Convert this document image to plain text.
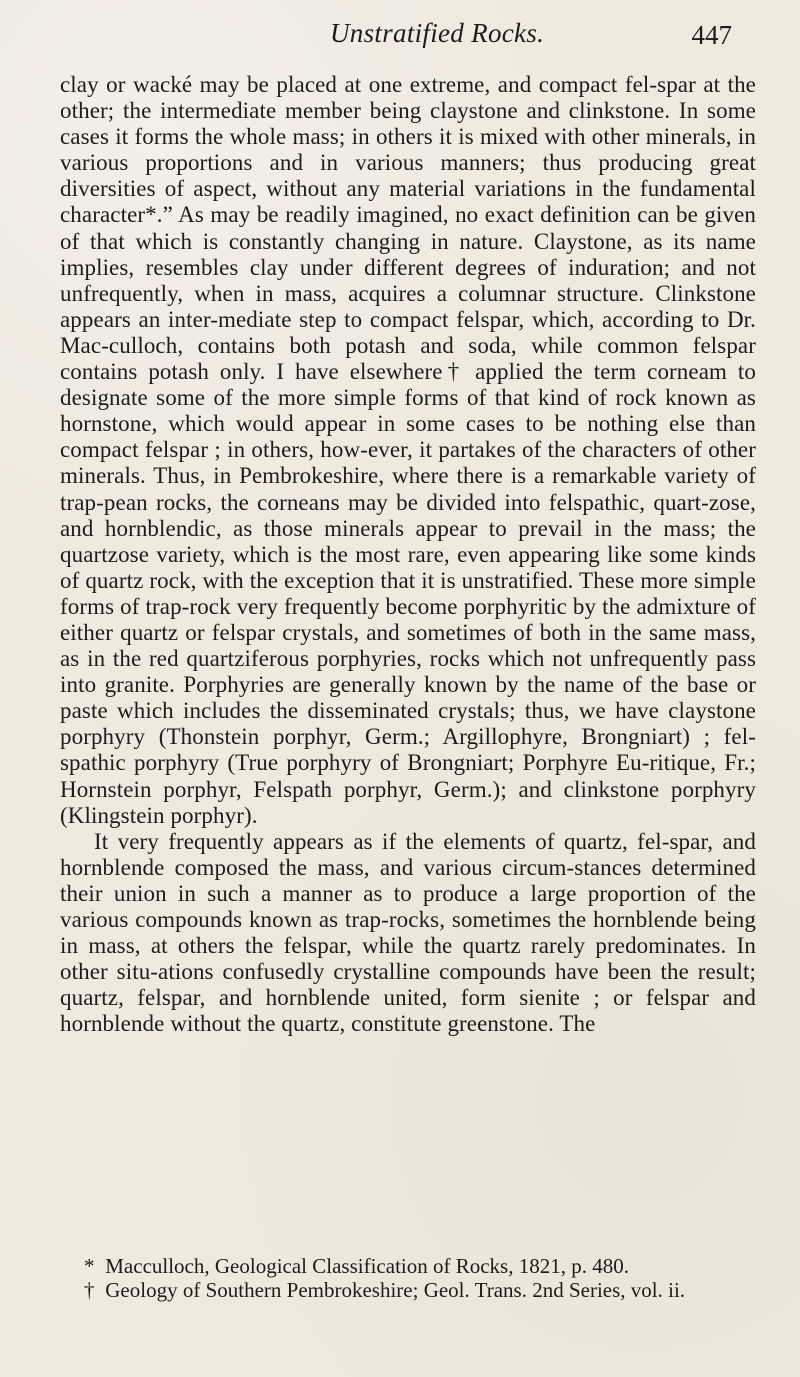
Unstratified Rocks.	447

clay or wacké may be placed at one extreme, and compact fel-spar at the other; the intermediate member being claystone and clinkstone. In some cases it forms the whole mass; in others it is mixed with other minerals, in various proportions and in various manners; thus producing great diversities of aspect, without any material variations in the fundamental character*.” As may be readily imagined, no exact definition can be given of that which is constantly changing in nature. Claystone, as its name implies, resembles clay under different degrees of induration; and not unfrequently, when in mass, acquires a columnar structure. Clinkstone appears an inter-mediate step to compact felspar, which, according to Dr. Mac-culloch, contains both potash and soda, while common felspar contains potash only. I have elsewhere† applied the term corneam to designate some of the more simple forms of that kind of rock known as hornstone, which would appear in some cases to be nothing else than compact felspar ; in others, how-ever, it partakes of the characters of other minerals. Thus, in Pembrokeshire, where there is a remarkable variety of trap-pean rocks, the corneans may be divided into felspathic, quart-zose, and hornblendic, as those minerals appear to prevail in the mass; the quartzose variety, which is the most rare, even appearing like some kinds of quartz rock, with the exception that it is unstratified. These more simple forms of trap-rock very frequently become porphyritic by the admixture of either quartz or felspar crystals, and sometimes of both in the same mass, as in the red quartziferous porphyries, rocks which not unfrequently pass into granite. Porphyries are generally known by the name of the base or paste which includes the disseminated crystals; thus, we have claystone porphyry (Thonstein porphyr, Germ.; Argillophyre, Brongniart) ; fel-spathic porphyry (True porphyry of Brongniart; Porphyre Eu-ritique, Fr.; Hornstein porphyr, Felspath porphyr, Germ.); and clinkstone porphyry (Klingstein porphyr).

It very frequently appears as if the elements of quartz, fel-spar, and hornblende composed the mass, and various circum-stances determined their union in such a manner as to produce a large proportion of the various compounds known as trap-rocks, sometimes the hornblende being in mass, at others the felspar, while the quartz rarely predominates. In other situ-ations confusedly crystalline compounds have been the result; quartz, felspar, and hornblende united, form sienite ; or felspar and hornblende without the quartz, constitute greenstone. The

* Macculloch, Geological Classification of Rocks, 1821, p. 480.

† Geology of Southern Pembrokeshire; Geol. Trans. 2nd Series, vol. ii.
